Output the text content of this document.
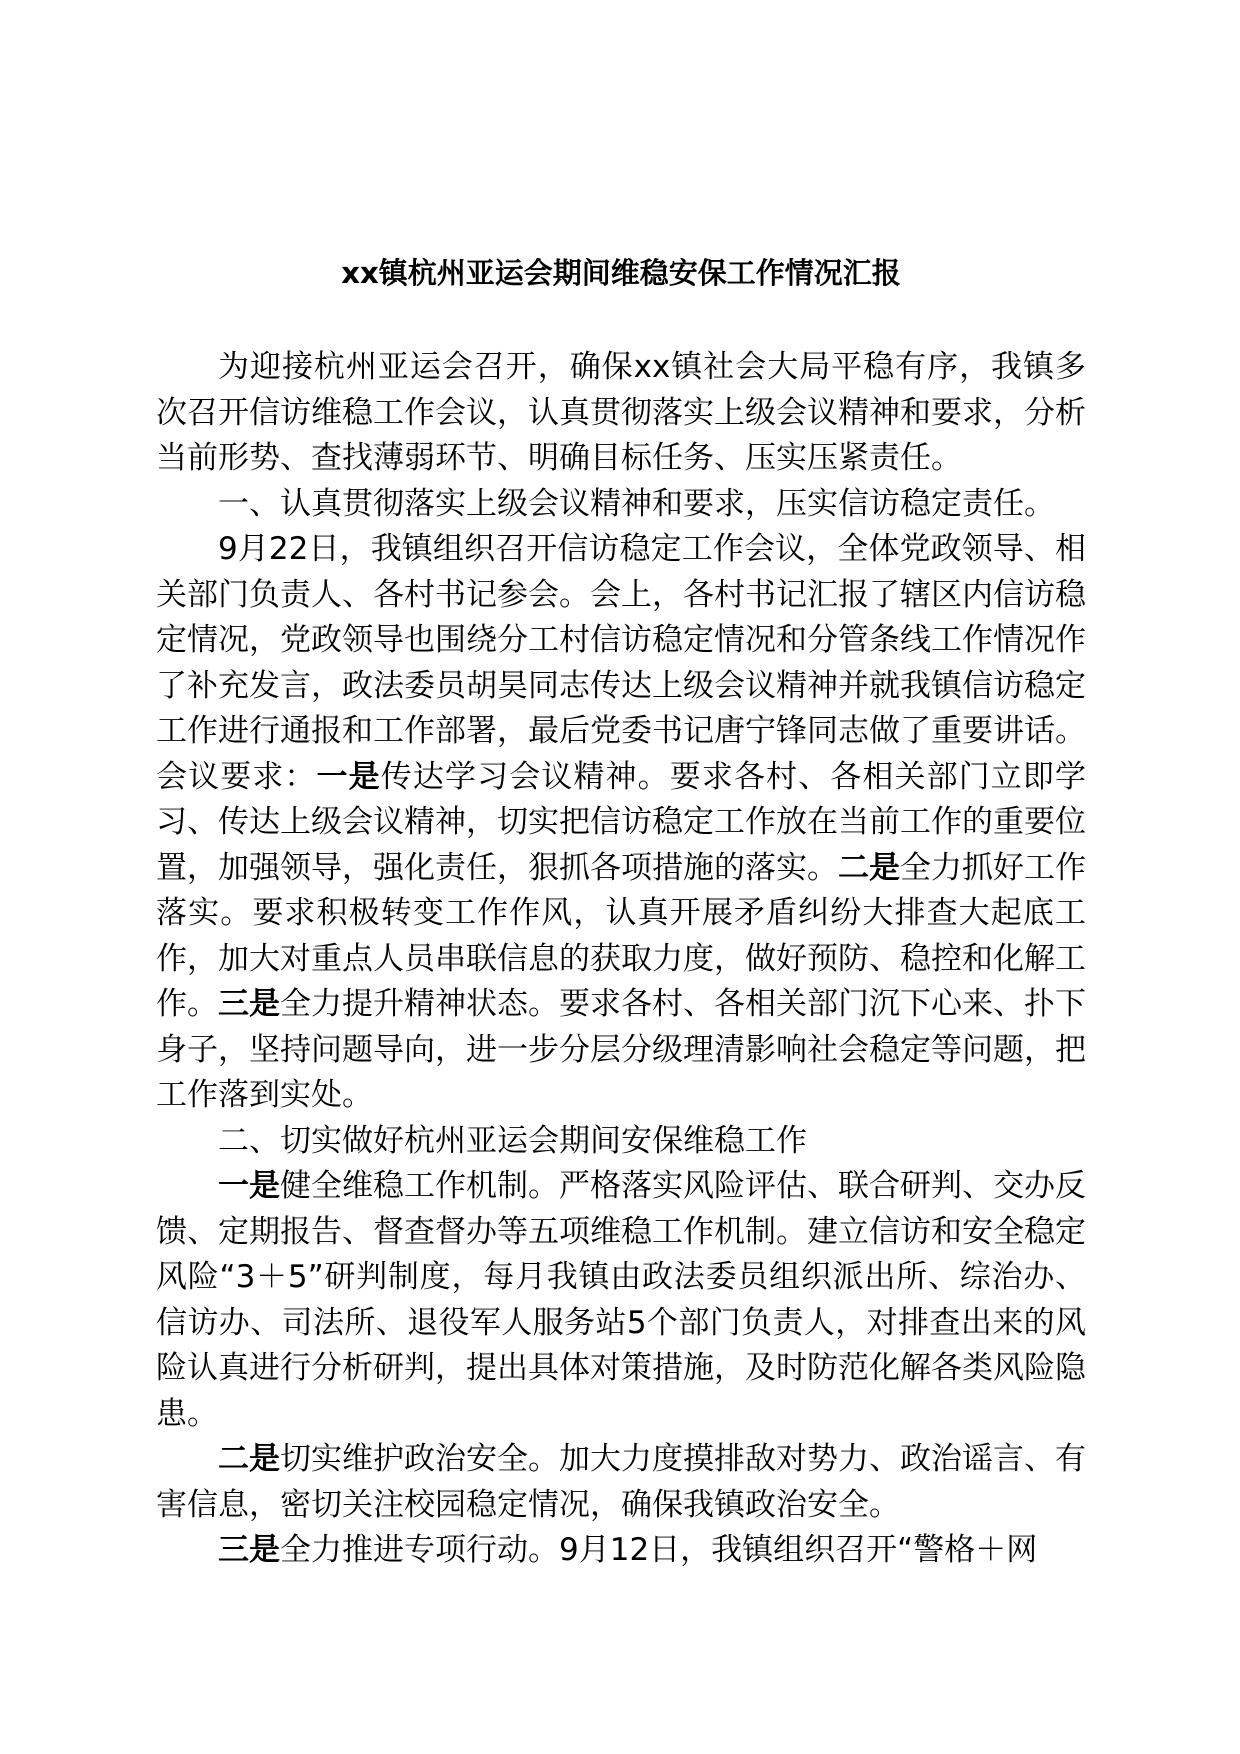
xx镇杭州亚运会期间维稳安保工作情况汇报

为迎接杭州亚运会召开，确保xx镇社会大局平稳有序，我镇多次召开信访维稳工作会议，认真贯彻落实上级会议精神和要求，分析当前形势、查找薄弱环节、明确目标任务、压实压紧责任。

一、认真贯彻落实上级会议精神和要求，压实信访稳定责任。

9月22日，我镇组织召开信访稳定工作会议，全体党政领导、相关部门负责人、各村书记参会。会上，各村书记汇报了辖区内信访稳定情况，党政领导也围绕分工村信访稳定情况和分管条线工作情况作了补充发言，政法委员胡昊同志传达上级会议精神并就我镇信访稳定工作进行通报和工作部署，最后党委书记唐宁锋同志做了重要讲话。会议要求：一是传达学习会议精神。要求各村、各相关部门立即学习、传达上级会议精神，切实把信访稳定工作放在当前工作的重要位置，加强领导，强化责任，狠抓各项措施的落实。二是全力抓好工作落实。要求积极转变工作作风，认真开展矛盾纠纷大排查大起底工作，加大对重点人员串联信息的获取力度，做好预防、稳控和化解工作。三是全力提升精神状态。要求各村、各相关部门沉下心来、扑下身子，坚持问题导向，进一步分层分级理清影响社会稳定等问题，把工作落到实处。

二、切实做好杭州亚运会期间安保维稳工作

一是健全维稳工作机制。严格落实风险评估、联合研判、交办反馈、定期报告、督查督办等五项维稳工作机制。建立信访和安全稳定风险“3＋5”研判制度，每月我镇由政法委员组织派出所、综治办、信访办、司法所、退役军人服务站5个部门负责人，对排查出来的风险认真进行分析研判，提出具体对策措施，及时防范化解各类风险隐患。

二是切实维护政治安全。加大力度摸排敌对势力、政治谣言、有害信息，密切关注校园稳定情况，确保我镇政治安全。

三是全力推进专项行动。9月12日，我镇组织召开“警格＋网
